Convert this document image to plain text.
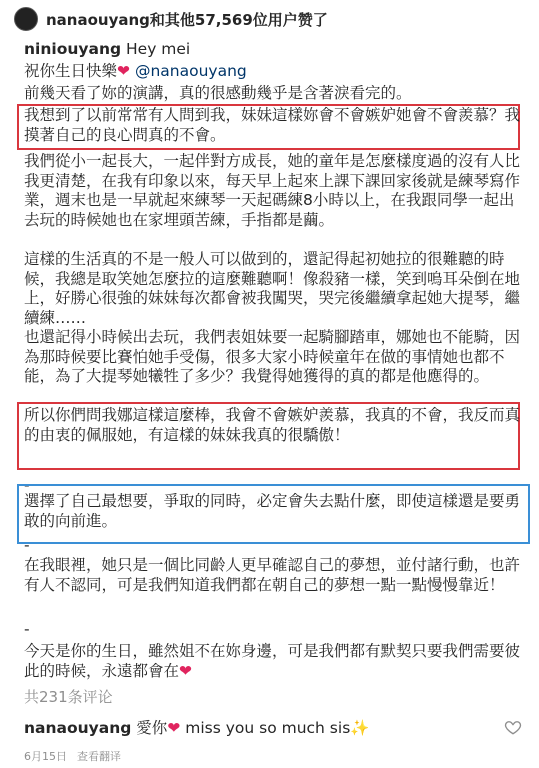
nanaouyang和其他57,569位用户赞了
niniouyang Hey mei
祝你生日快樂❤ @nanaouyang

前幾天看了妳的演講，真的很感動幾乎是含著淚看完的。

我想到了以前常常有人問到我，妹妹這樣妳會不會嫉妒她會不會羨慕？我摸著自己的良心問真的不會。

我們從小一起長大，一起伴對方成長，她的童年是怎麼樣度過的沒有人比我更清楚，在我有印象以來，每天早上起來上課下課回家後就是練琴寫作業，週末也是一早就起來練琴一天起碼練8小時以上，在我跟同學一起出去玩的時候她也在家埋頭苦練，手指都是繭。

這樣的生活真的不是一般人可以做到的，還記得起初她拉的很難聽的時候，我總是取笑她怎麼拉的這麼難聽啊！像殺豬一樣，笑到嗚耳朵倒在地上，好勝心很強的妹妹每次都會被我闖哭，哭完後繼續拿起她大提琴，繼續練……

也還記得小時候出去玩，我們表姐妹要一起騎腳踏車，娜她也不能騎，因為那時候要比賽怕她手受傷，很多大家小時候童年在做的事情她也都不能，為了大提琴她犧牲了多少？我覺得她獲得的真的都是他應得的。

所以你們問我娜這樣這麼棒，我會不會嫉妒羨慕，我真的不會，我反而真的由衷的佩服她，有這樣的妹妹我真的很驕傲！

-

選擇了自己最想要，爭取的同時，必定會失去點什麼，即使這樣還是要勇敢的向前進。

-

在我眼裡，她只是一個比同齡人更早確認自己的夢想，並付諸行動，也許有人不認同，可是我們知道我們都在朝自己的夢想一點一點慢慢靠近！

-

今天是你的生日，雖然姐不在妳身邊，可是我們都有默契只要我們需要彼此的時候，永遠都會在❤
共231条评论
nanaouyang 愛你❤ miss you so much sis✨
6月15日 查看翻译
